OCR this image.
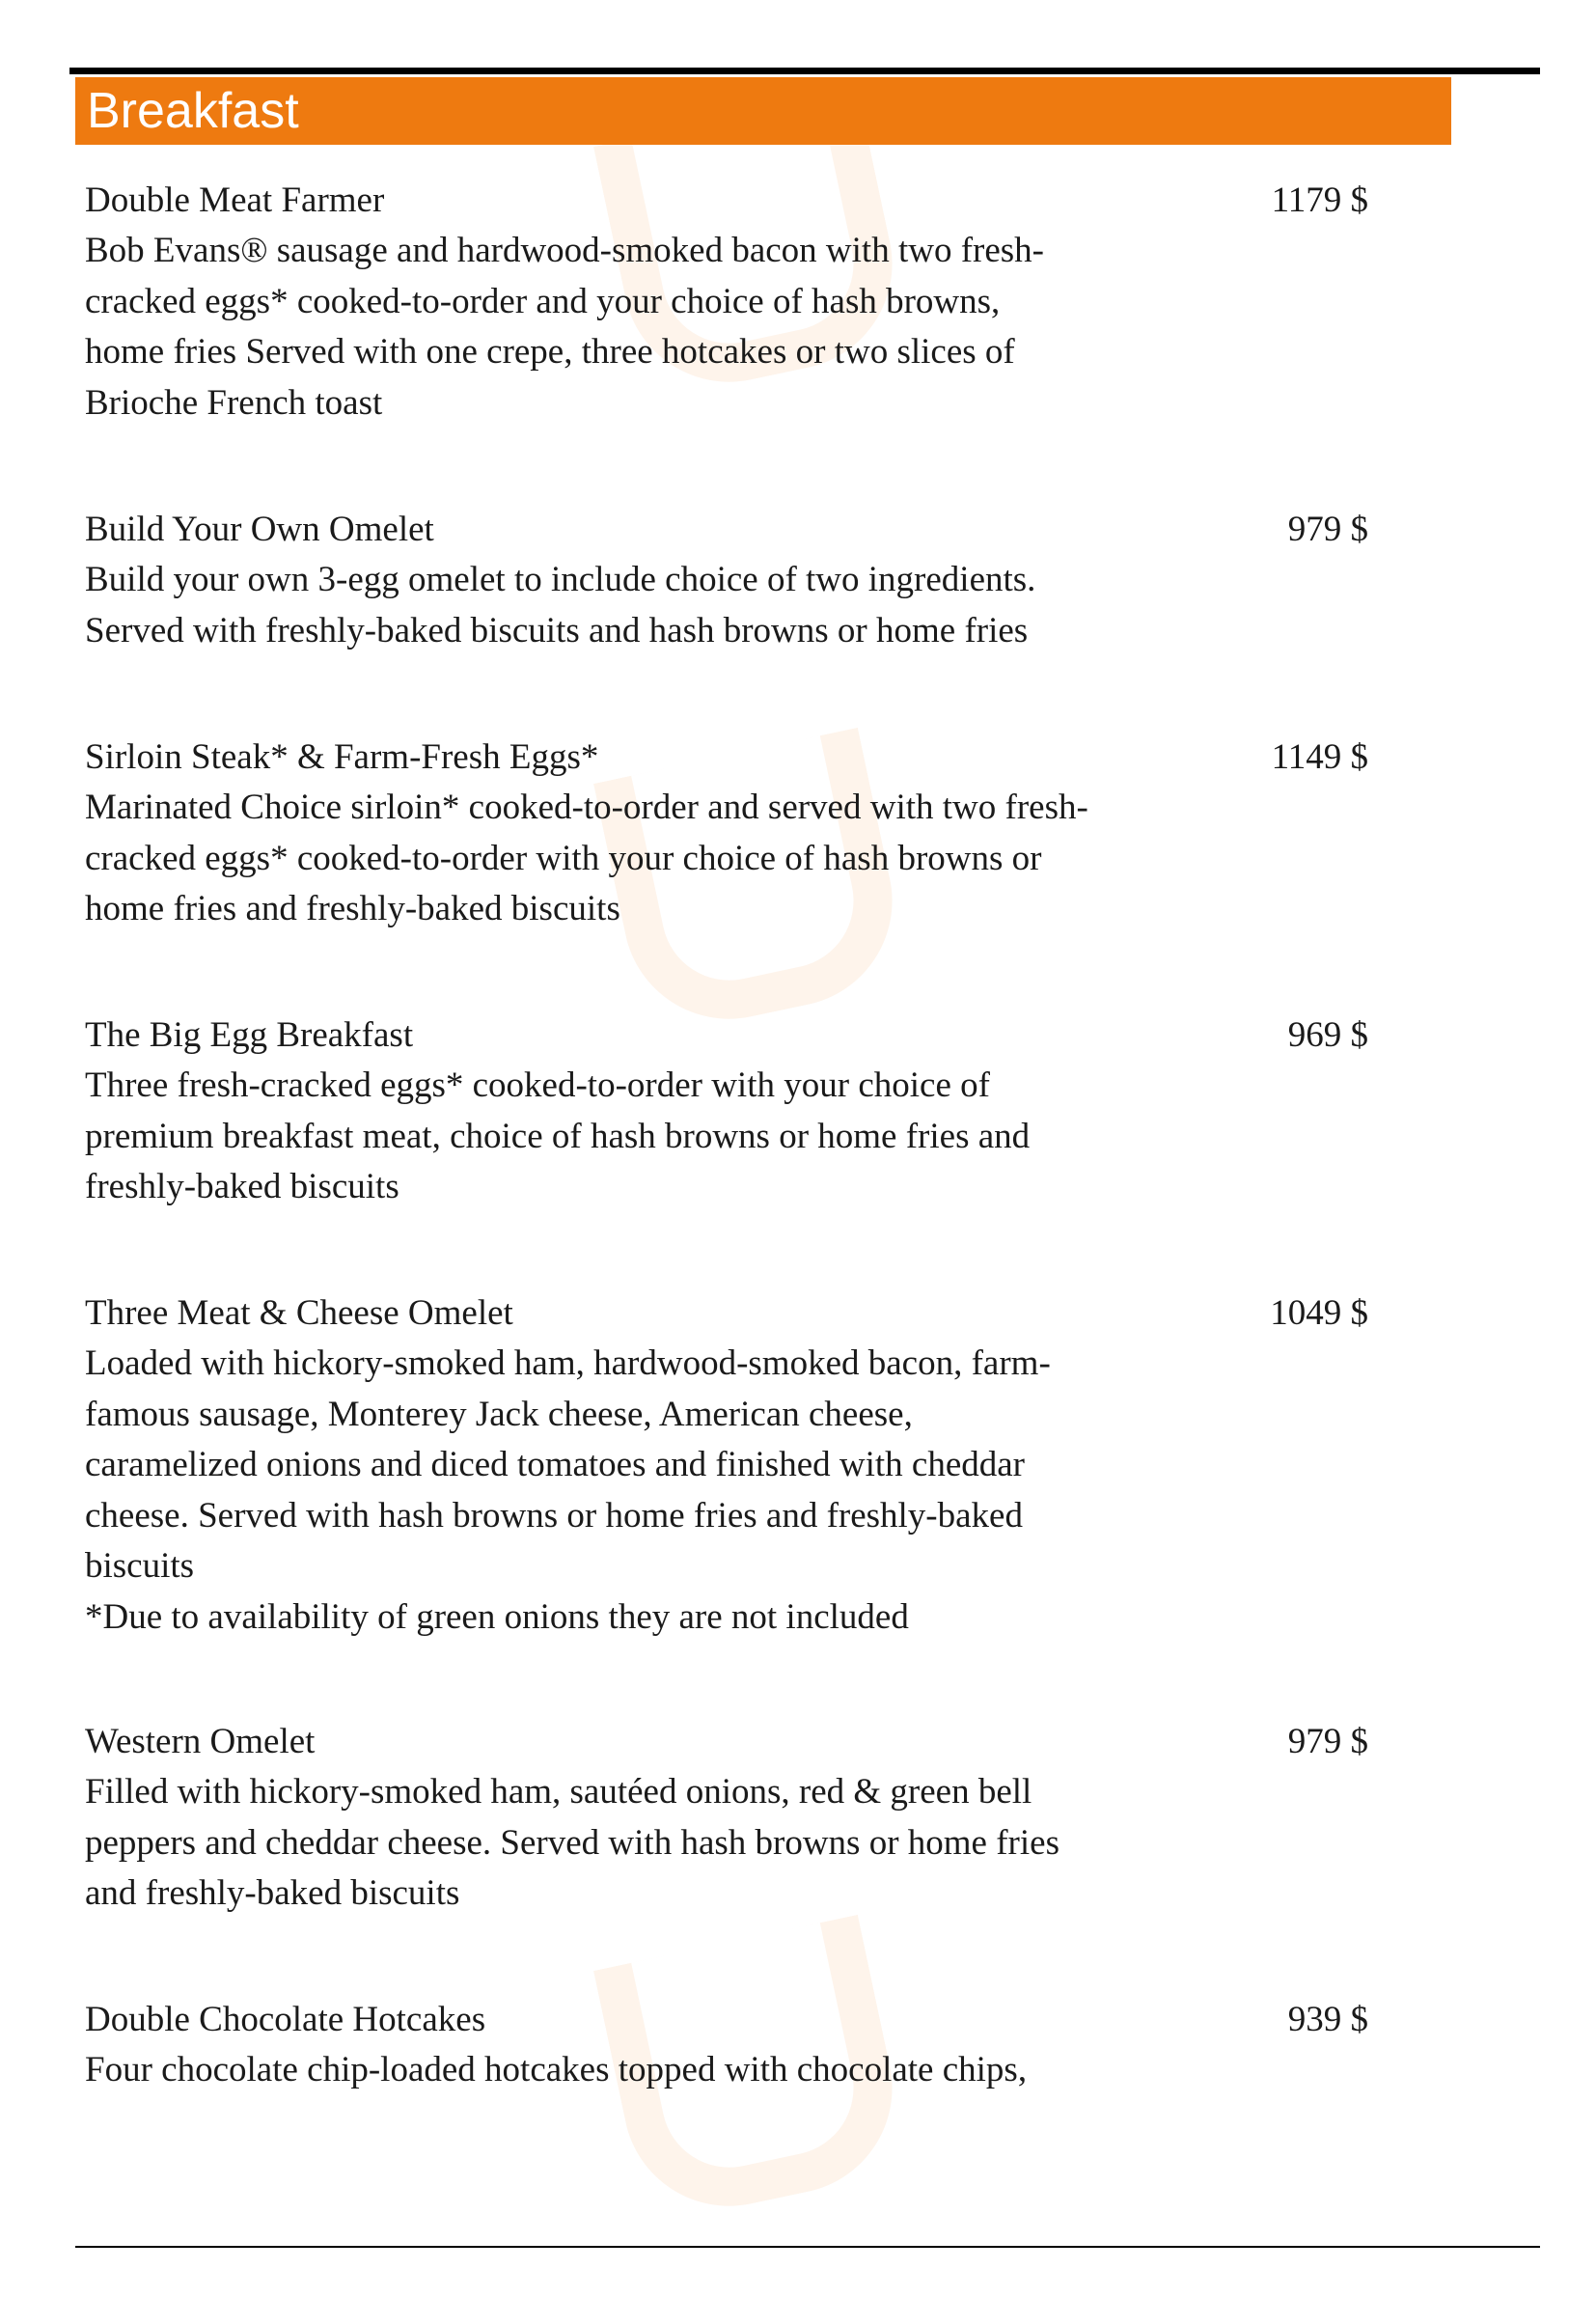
Breakfast
Double Meat Farmer	1179 $
Bob Evans® sausage and hardwood-smoked bacon with two fresh-
cracked eggs* cooked-to-order and your choice of hash browns,
home fries Served with one crepe, three hotcakes or two slices of
Brioche French toast
Build Your Own Omelet	979 $
Build your own 3-egg omelet to include choice of two ingredients.
Served with freshly-baked biscuits and hash browns or home fries
Sirloin Steak* & Farm-Fresh Eggs*	1149 $
Marinated Choice sirloin* cooked-to-order and served with two fresh-
cracked eggs* cooked-to-order with your choice of hash browns or
home fries and freshly-baked biscuits
The Big Egg Breakfast	969 $
Three fresh-cracked eggs* cooked-to-order with your choice of
premium breakfast meat, choice of hash browns or home fries and
freshly-baked biscuits
Three Meat & Cheese Omelet	1049 $
Loaded with hickory-smoked ham, hardwood-smoked bacon, farm-
famous sausage, Monterey Jack cheese, American cheese,
caramelized onions and diced tomatoes and finished with cheddar
cheese. Served with hash browns or home fries and freshly-baked
biscuits
*Due to availability of green onions they are not included
Western Omelet	979 $
Filled with hickory-smoked ham, sautéed onions, red & green bell
peppers and cheddar cheese. Served with hash browns or home fries
and freshly-baked biscuits
Double Chocolate Hotcakes	939 $
Four chocolate chip-loaded hotcakes topped with chocolate chips,
